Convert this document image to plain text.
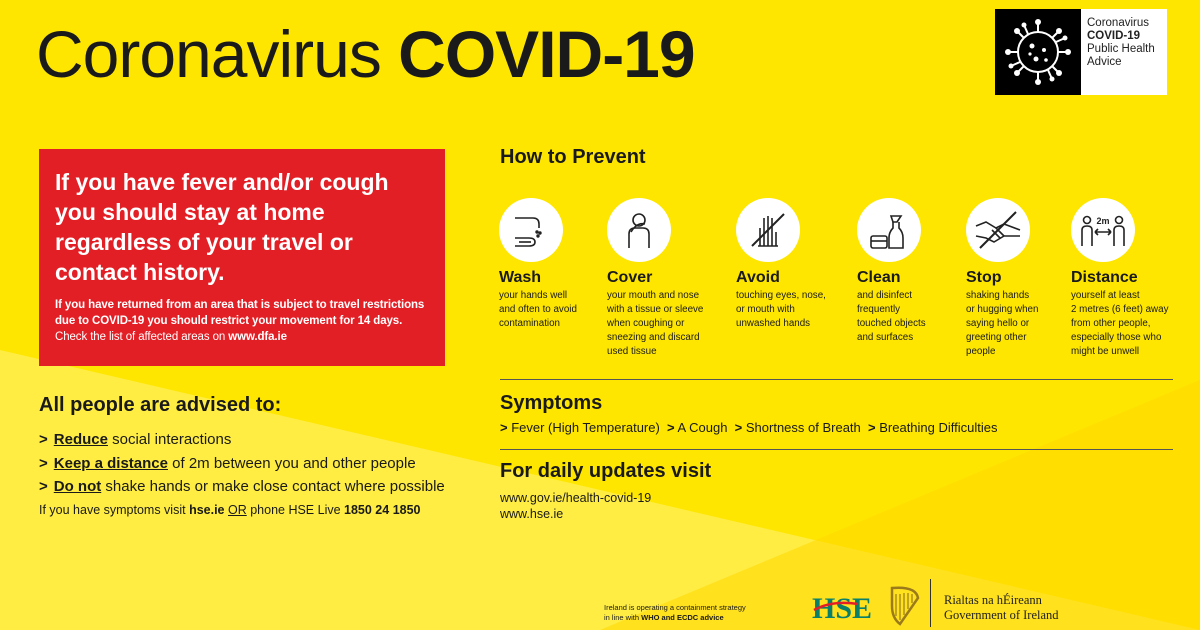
Coronavirus COVID-19	Coronavirus
COVID-19
Public Health
Advice
If you have fever and/or cough
you should stay at home
regardless of your travel or
contact history.
If you have returned from an area that is subject to travel restrictions
due to COVID-19 you should restrict your movement for 14 days.
Check the list of affected areas on www.dfa.ie
All people are advised to:
> Reduce social interactions
> Keep a distance of 2m between you and other people
> Do not shake hands or make close contact where possible
If you have symptoms visit hse.ie OR phone HSE Live 1850 24 1850
How to Prevent
Wash
your hands well
and often to avoid
contamination
Cover
your mouth and nose
with a tissue or sleeve
when coughing or
sneezing and discard
used tissue
Avoid
touching eyes, nose,
or mouth with
unwashed hands
Clean
and disinfect
frequently
touched objects
and surfaces
Stop
shaking hands
or hugging when
saying hello or
greeting other
people
2m
Distance
yourself at least
2 metres (6 feet) away
from other people,
especially those who
might be unwell
Symptoms
> Fever (High Temperature) > A Cough > Shortness of Breath > Breathing Difficulties
For daily updates visit
www.gov.ie/health-covid-19
www.hse.ie
Ireland is operating a containment strategy
in line with WHO and ECDC advice	HSE	Rialtas na hÉireann
Government of Ireland
